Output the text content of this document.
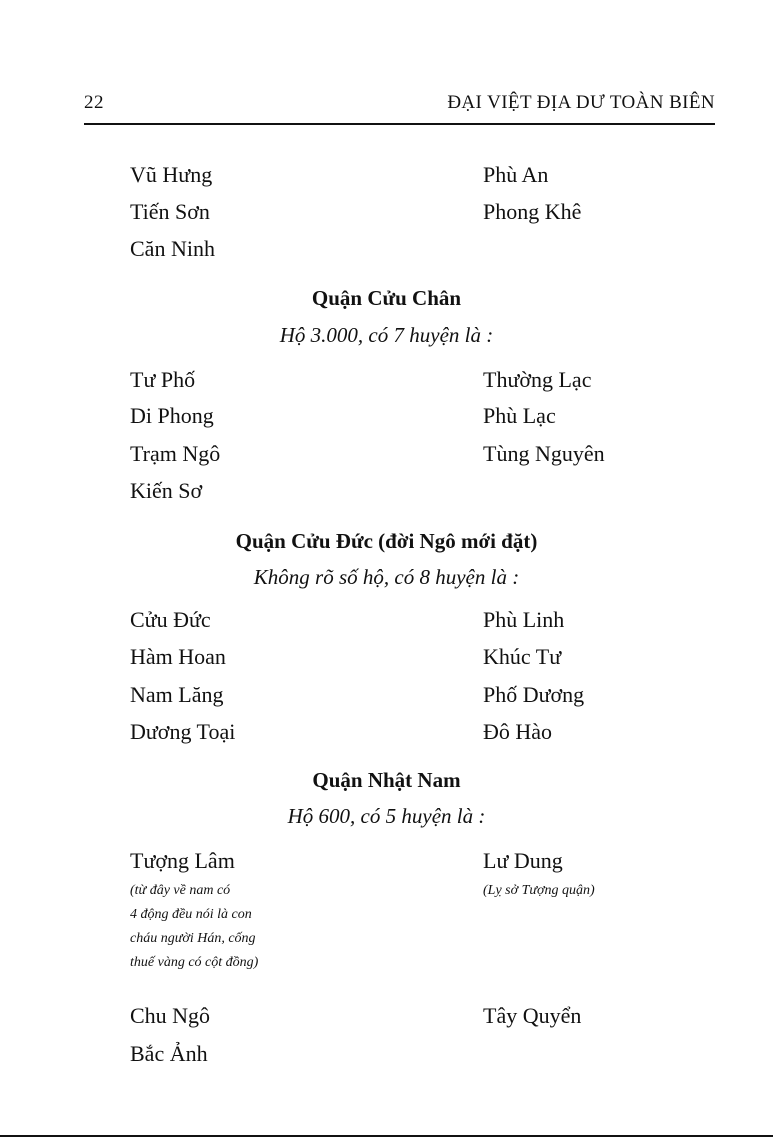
22	ĐẠI VIỆT ĐỊA DƯ TOÀN BIÊN
Vũ Hưng	Phù An
Tiến Sơn	Phong Khê
Căn Ninh
Quận Cửu Chân
Hộ 3.000, có 7 huyện là :
Tư Phố	Thường Lạc
Di Phong	Phù Lạc
Trạm Ngô	Tùng Nguyên
Kiến Sơ
Quận Cửu Đức (đời Ngô mới đặt)
Không rõ số hộ, có 8 huyện là :
Cửu Đức	Phù Linh
Hàm Hoan	Khúc Tư
Nam Lăng	Phố Dương
Dương Toại	Đô Hào
Quận Nhật Nam
Hộ 600, có 5 huyện là :
Tượng Lâm	Lư Dung
(từ đây về nam có
4 động đều nói là con
cháu người Hán, cống
thuế vàng có cột đồng)
(Lỵ sở Tượng quận)
Chu Ngô	Tây Quyển
Bắc Ảnh
